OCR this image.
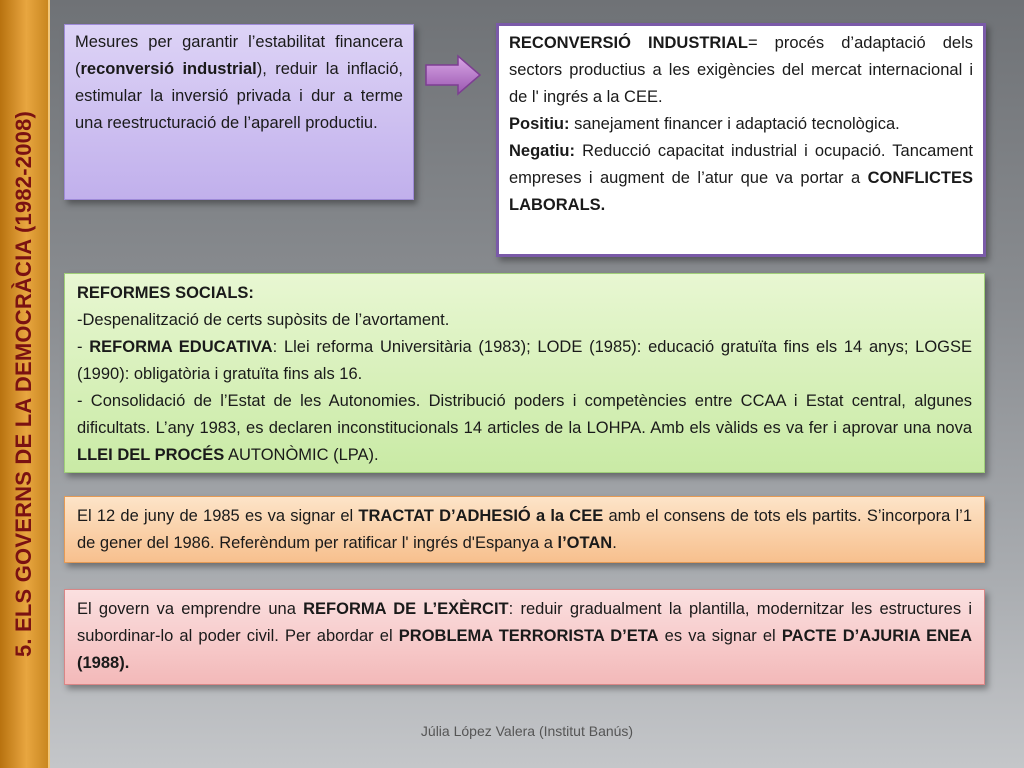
5. ELS GOVERNS DE LA DEMOCRÀCIA (1982-2008)

Mesures per garantir l’estabilitat financera (reconversió industrial), reduir la inflació, estimular la inversió privada i dur a terme una reestructuració de l’aparell productiu.

RECONVERSIÓ INDUSTRIAL= procés d’adaptació dels sectors productius a les exigències del mercat internacional i de l' ingrés a la CEE.

Positiu: sanejament financer i adaptació tecnològica.

Negatiu: Reducció capacitat industrial i ocupació. Tancament empreses i augment de l’atur que va portar a CONFLICTES LABORALS.

REFORMES SOCIALS:

-Despenalització de certs supòsits de l’avortament.

- REFORMA EDUCATIVA: Llei reforma Universitària (1983); LODE (1985): educació gratuïta fins els 14 anys; LOGSE (1990): obligatòria i gratuïta fins als 16.

- Consolidació de l’Estat de les Autonomies. Distribució poders i competències entre CCAA i Estat central, algunes dificultats. L’any 1983, es declaren inconstitucionals 14 articles de la LOHPA. Amb els vàlids es va fer i aprovar una nova LLEI DEL PROCÉS AUTONÒMIC (LPA).

El 12 de juny de 1985 es va signar el TRACTAT D’ADHESIÓ a la CEE amb el consens de tots els partits. S’incorpora l’1 de gener del 1986. Referèndum per ratificar l' ingrés d'Espanya a l’OTAN.

El govern va emprendre una REFORMA DE L’EXÈRCIT: reduir gradualment la plantilla, modernitzar les estructures i subordinar-lo al poder civil. Per abordar el PROBLEMA TERRORISTA D’ETA es va signar el PACTE D’AJURIA ENEA (1988).

Júlia López Valera (Institut Banús)
